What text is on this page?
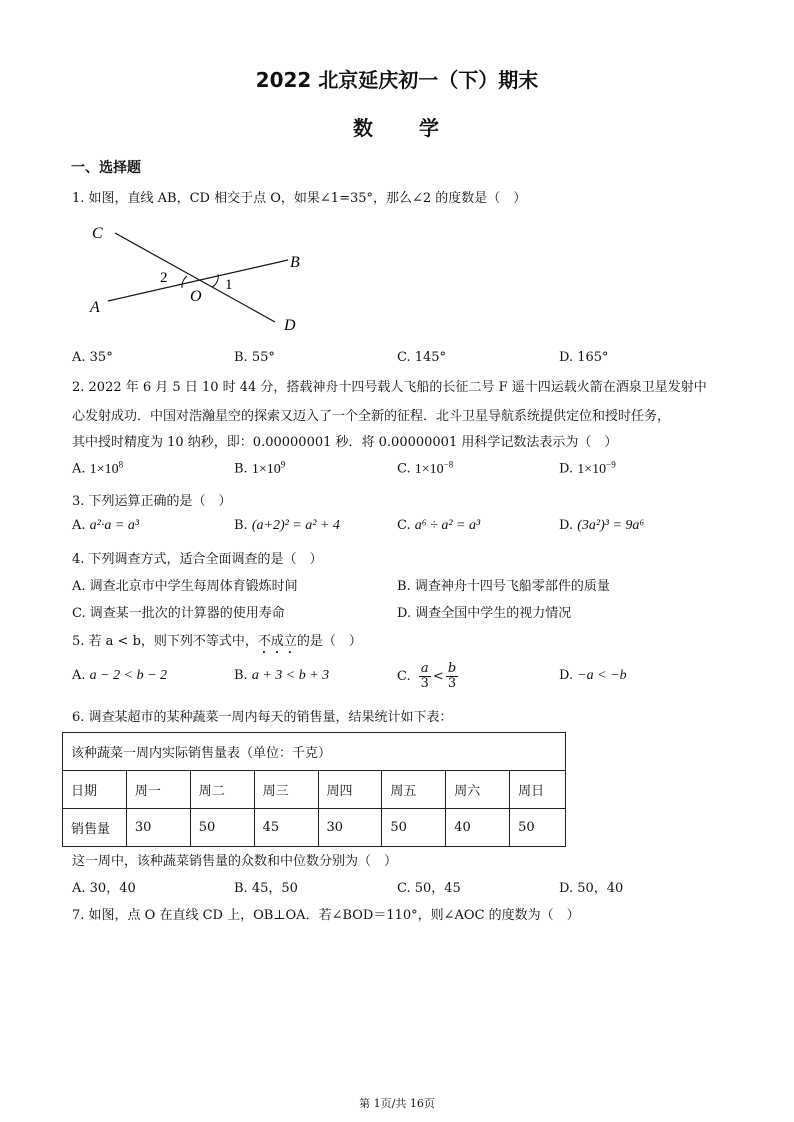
2022 北京延庆初一（下）期末
数　　学
一、选择题
1. 如图，直线 AB，CD 相交于点 O，如果∠1=35°，那么∠2 的度数是（　）
C
B
A
D
O
1
2
A. 35°	B. 55°	C. 145°	D. 165°
2. 2022 年 6 月 5 日 10 时 44 分，搭载神舟十四号载人飞船的长征二号 F 遥十四运载火箭在酒泉卫星发射中
心发射成功．中国对浩瀚星空的探索又迈入了一个全新的征程．北斗卫星导航系统提供定位和授时任务，
其中授时精度为 10 纳秒，即：0.00000001 秒．将 0.00000001 用科学记数法表示为（　）
A. $1\times 10^8$	B. $1\times 10^9$	C. $1\times 10^{-8}$	D. $1\times 10^{-9}$
3. 下列运算正确的是（　）
A. a²·a = a³	B. (a+2)² = a² + 4	C. a⁶ ÷ a² = a³	D. (3a²)³ = 9a⁶
4. 下列调查方式，适合全面调查的是（　）
A. 调查北京市中学生每周体育锻炼时间	B. 调查神舟十四号飞船零部件的质量
C. 调查某一批次的计算器的使用寿命	D. 调查全国中学生的视力情况
5. 若 a < b，则下列不等式中，不成立的是（　）
A. a − 2 < b − 2	B. a + 3 < b + 3	C. $\frac{a}{3} < \frac{b}{3}$	D. −a < −b
6. 调查某超市的某种蔬菜一周内每天的销售量，结果统计如下表：
该种蔬菜一周内实际销售量表（单位：千克）							
日期	周一	周二	周三	周四	周五	周六	周日
销售量	30	50	45	30	50	40	50
这一周中，该种蔬菜销售量的众数和中位数分别为（　）
A. 30，40	B. 45，50	C. 50，45	D. 50，40
7. 如图，点 O 在直线 CD 上，OB⊥OA．若∠BOD＝110°，则∠AOC 的度数为（　）
第 1页/共 16页
